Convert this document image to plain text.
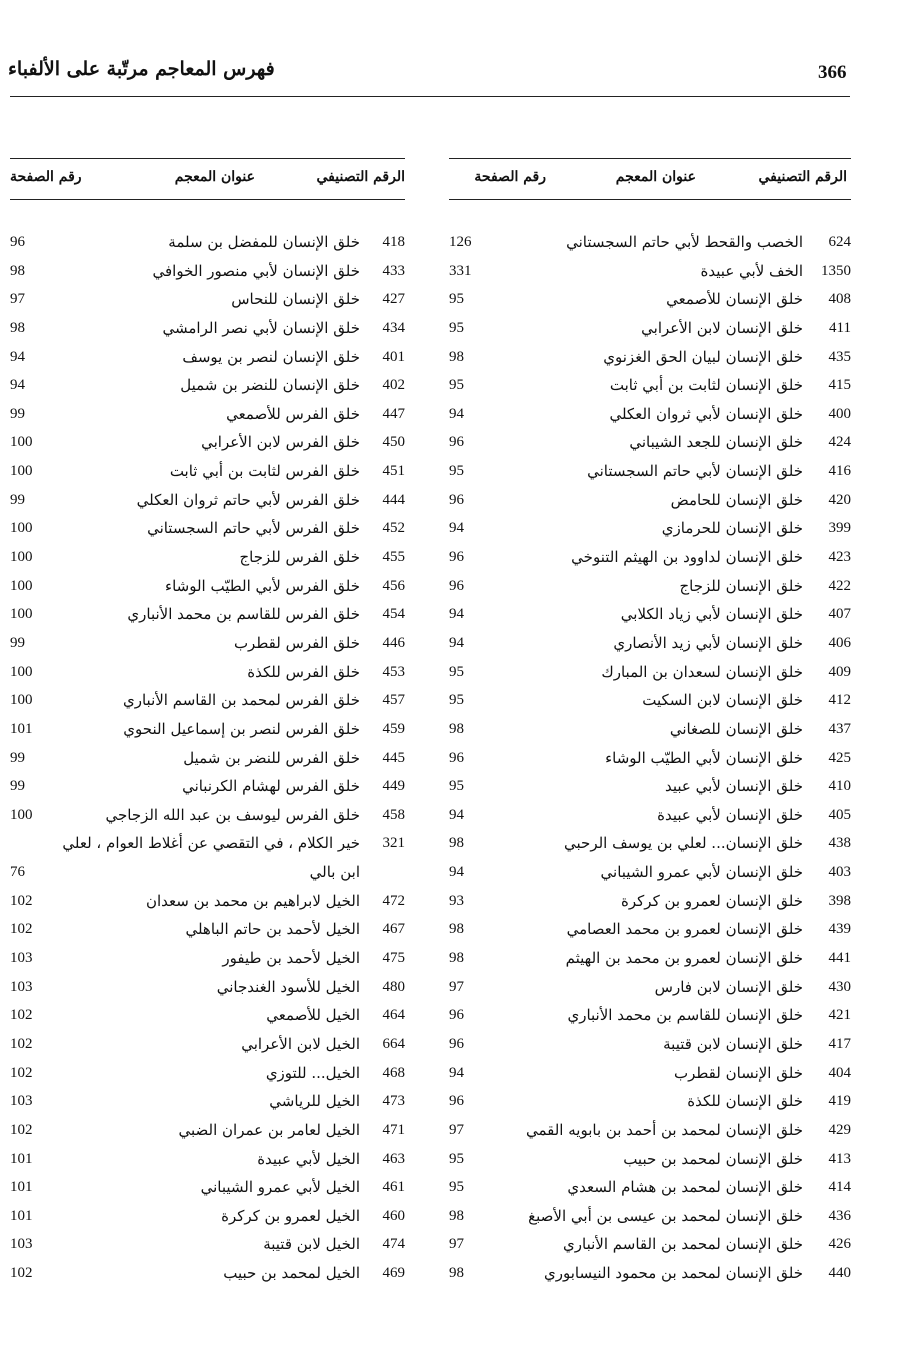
فهرس المعاجم مرتّبة على الألفباء	366
الرقم التصنيفي
عنوان المعجم
رقم الصفحة
624
الخصب والقحط لأبي حاتم السجستاني
126
1350
الخف لأبي عبيدة
331
408
خلق الإنسان للأصمعي
95
411
خلق الإنسان لابن الأعرابي
95
435
خلق الإنسان لبيان الحق الغزنوي
98
415
خلق الإنسان لثابت بن أبي ثابت
95
400
خلق الإنسان لأبي ثروان العكلي
94
424
خلق الإنسان للجعد الشيباني
96
416
خلق الإنسان لأبي حاتم السجستاني
95
420
خلق الإنسان للحامض
96
399
خلق الإنسان للحرمازي
94
423
خلق الإنسان لداوود بن الهيثم التنوخي
96
422
خلق الإنسان للزجاج
96
407
خلق الإنسان لأبي زياد الكلابي
94
406
خلق الإنسان لأبي زيد الأنصاري
94
409
خلق الإنسان لسعدان بن المبارك
95
412
خلق الإنسان لابن السكيت
95
437
خلق الإنسان للصغاني
98
425
خلق الإنسان لأبي الطيّب الوشاء
96
410
خلق الإنسان لأبي عبيد
95
405
خلق الإنسان لأبي عبيدة
94
438
خلق الإنسان... لعلي بن يوسف الرحبي
98
403
خلق الإنسان لأبي عمرو الشيباني
94
398
خلق الإنسان لعمرو بن كركرة
93
439
خلق الإنسان لعمرو بن محمد العصامي
98
441
خلق الإنسان لعمرو بن محمد بن الهيثم
98
430
خلق الإنسان لابن فارس
97
421
خلق الإنسان للقاسم بن محمد الأنباري
96
417
خلق الإنسان لابن قتيبة
96
404
خلق الإنسان لقطرب
94
419
خلق الإنسان للكذة
96
429
خلق الإنسان لمحمد بن أحمد بن بابويه القمي
97
413
خلق الإنسان لمحمد بن حبيب
95
414
خلق الإنسان لمحمد بن هشام السعدي
95
436
خلق الإنسان لمحمد بن عيسى بن أبي الأصبغ
98
426
خلق الإنسان لمحمد بن القاسم الأنباري
97
440
خلق الإنسان لمحمد بن محمود النيسابوري
98
الرقم التصنيفي
عنوان المعجم
رقم الصفحة
418
خلق الإنسان للمفضل بن سلمة
96
433
خلق الإنسان لأبي منصور الخوافي
98
427
خلق الإنسان للنحاس
97
434
خلق الإنسان لأبي نصر الرامشي
98
401
خلق الإنسان لنصر بن يوسف
94
402
خلق الإنسان للنضر بن شميل
94
447
خلق الفرس للأصمعي
99
450
خلق الفرس لابن الأعرابي
100
451
خلق الفرس لثابت بن أبي ثابت
100
444
خلق الفرس لأبي حاتم ثروان العكلي
99
452
خلق الفرس لأبي حاتم السجستاني
100
455
خلق الفرس للزجاج
100
456
خلق الفرس لأبي الطيّب الوشاء
100
454
خلق الفرس للقاسم بن محمد الأنباري
100
446
خلق الفرس لقطرب
99
453
خلق الفرس للكذة
100
457
خلق الفرس لمحمد بن القاسم الأنباري
100
459
خلق الفرس لنصر بن إسماعيل النحوي
101
445
خلق الفرس للنضر بن شميل
99
449
خلق الفرس لهشام الكرنباني
99
458
خلق الفرس ليوسف بن عبد الله الزجاجي
100
321
خير الكلام ، في التقصي عن أغلاط العوام ، لعلي
ابن بالي
76
472
الخيل لابراهيم بن محمد بن سعدان
102
467
الخيل لأحمد بن حاتم الباهلي
102
475
الخيل لأحمد بن طيفور
103
480
الخيل للأسود الغندجاني
103
464
الخيل للأصمعي
102
664
الخيل لابن الأعرابي
102
468
الخيل... للتوزي
102
473
الخيل للرياشي
103
471
الخيل لعامر بن عمران الضبي
102
463
الخيل لأبي عبيدة
101
461
الخيل لأبي عمرو الشيباني
101
460
الخيل لعمرو بن كركرة
101
474
الخيل لابن قتيبة
103
469
الخيل لمحمد بن حبيب
102
